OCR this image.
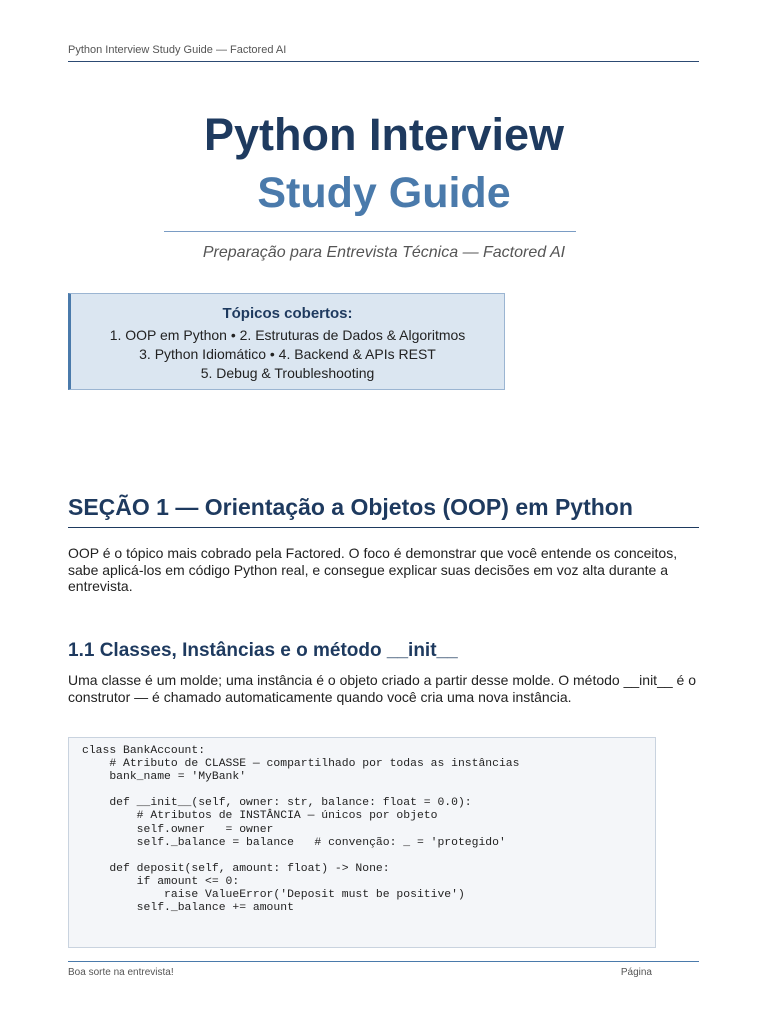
Python Interview Study Guide — Factored AI
Python Interview
Study Guide
Preparação para Entrevista Técnica — Factored AI
Tópicos cobertos:
1. OOP em Python • 2. Estruturas de Dados & Algoritmos
3. Python Idiomático • 4. Backend & APIs REST
5. Debug & Troubleshooting
SEÇÃO 1 — Orientação a Objetos (OOP) em Python
OOP é o tópico mais cobrado pela Factored. O foco é demonstrar que você entende os conceitos,
sabe aplicá-los em código Python real, e consegue explicar suas decisões em voz alta durante a
entrevista.
1.1 Classes, Instâncias e o método __init__
Uma classe é um molde; uma instância é o objeto criado a partir desse molde. O método __init__ é o
construtor — é chamado automaticamente quando você cria uma nova instância.
class BankAccount:
# Atributo de CLASSE — compartilhado por todas as instâncias
bank_name = 'MyBank'
def __init__(self, owner: str, balance: float = 0.0):
# Atributos de INSTÂNCIA — únicos por objeto
self.owner   = owner
self._balance = balance   # convenção: _ = 'protegido'
def deposit(self, amount: float) -> None:
if amount <= 0:
raise ValueError('Deposit must be positive')
self._balance += amount
Boa sorte na entrevista!	Página
